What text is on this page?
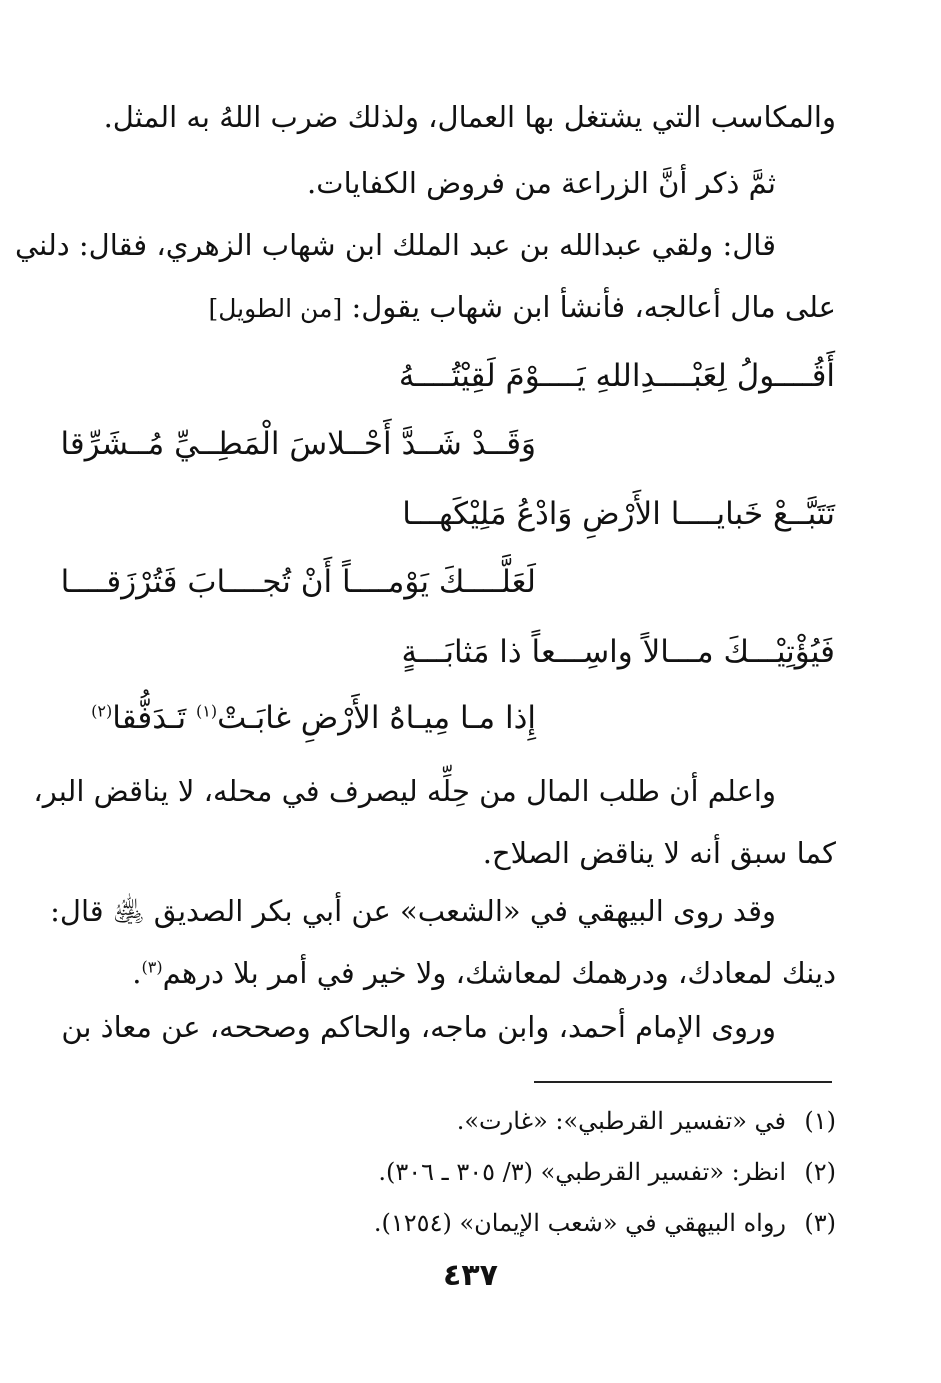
والمكاسب التي يشتغل بها العمال، ولذلك ضرب اللهُ به المثل.

ثمَّ ذكر أنَّ الزراعة من فروض الكفايات.

قال: ولقي عبدالله بن عبد الملك ابن شهاب الزهري، فقال: دلني
على مال أعالجه، فأنشأ ابن شهاب يقول: [من الطويل]

أَقُــــولُ لِعَبْــــدِاللهِ يَــــوْمَ لَقِيْتُــــهُ
وَقَــدْ شَــدَّ أَحْــلاسَ الْمَطِــيِّ مُــشَرِّقا
تَتَبَّــعْ خَبايــــا الأَرْضِ وَادْعُ مَلِيْكَهـــا
لَعَلَّــــكَ يَوْمــــاً أَنْ تُجــــابَ فَتُرْزَقــــا
فَيُؤْتِيْـــكَ مـــالاً واسِـــعاً ذا مَثابَـــةٍ
إِذا مـا مِيـاهُ الأَرْضِ غابَـتْ$^{(١)}$ تَـدَفُّقا$^{(٢)}$

واعلم أن طلب المال من حِلِّه ليصرف في محله، لا يناقض البر،
كما سبق أنه لا يناقض الصلاح.

وقد روى البيهقي في «الشعب» عن أبي بكر الصديق ﵁ قال:
دينك لمعادك، ودرهمك لمعاشك، ولا خير في أمر بلا درهم$^{(٣)}$.

وروى الإمام أحمد، وابن ماجه، والحاكم وصححه، عن معاذ بن

(١)في «تفسير القرطبي»: «غارت».
(٢)انظر: «تفسير القرطبي» (٣/ ٣٠٥ ـ ٣٠٦).
(٣)رواه البيهقي في «شعب الإيمان» (١٢٥٤).
٤٣٧
